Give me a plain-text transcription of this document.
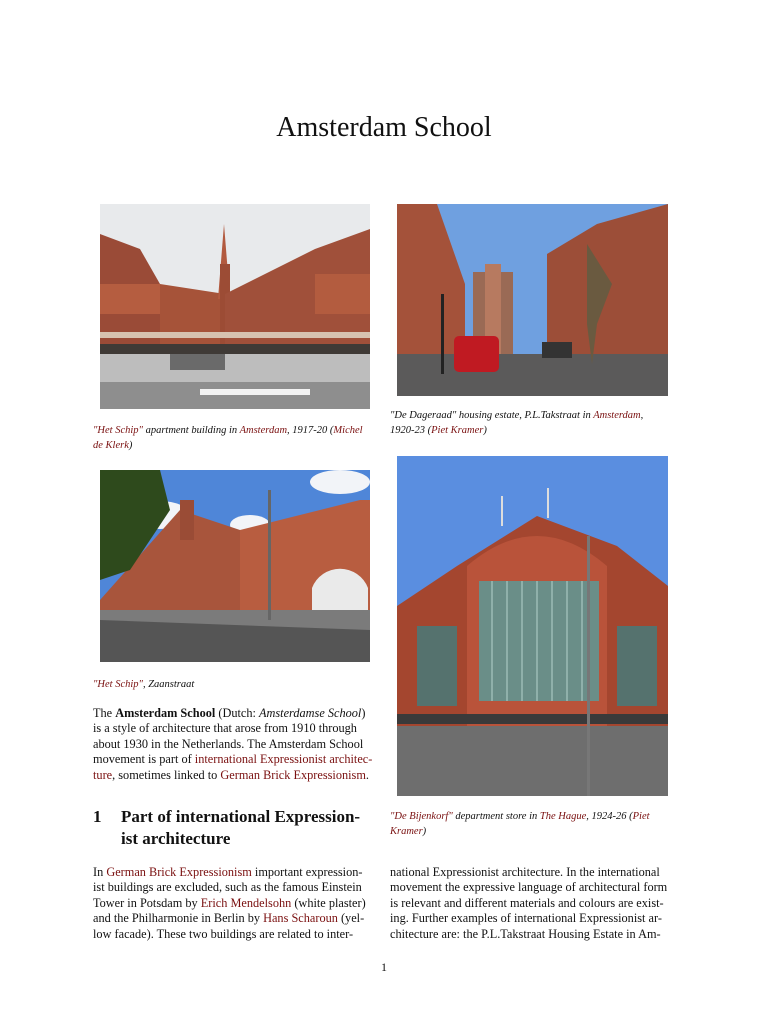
Amsterdam School
"Het Schip" apartment building in Amsterdam, 1917-20 (Michel
de Klerk)
"De Dageraad" housing estate, P.L.Takstraat in Amsterdam,
1920-23 (Piet Kramer)
"Het Schip", Zaanstraat
"De Bijenkorf" department store in The Hague, 1924-26 (Piet
Kramer)
The Amsterdam School (Dutch: Amsterdamse School)
is a style of architecture that arose from 1910 through
about 1930 in the Netherlands. The Amsterdam School
movement is part of international Expressionist architec-
ture, sometimes linked to German Brick Expressionism.
1 Part of international Expression-
ist architecture
In German Brick Expressionism important expression-
ist buildings are excluded, such as the famous Einstein
Tower in Potsdam by Erich Mendelsohn (white plaster)
and the Philharmonie in Berlin by Hans Scharoun (yel-
low facade). These two buildings are related to inter-
national Expressionist architecture. In the international
movement the expressive language of architectural form
is relevant and different materials and colours are exist-
ing. Further examples of international Expressionist ar-
chitecture are: the P.L.Takstraat Housing Estate in Am-
1
